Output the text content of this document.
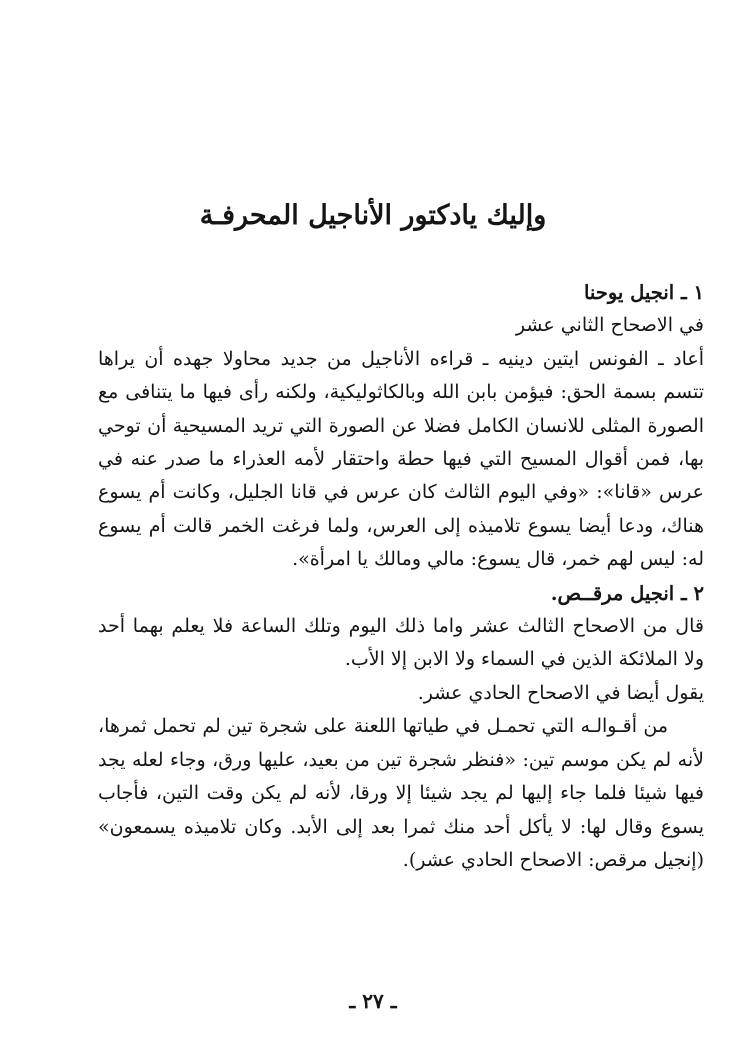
وإليك يادكتور الأناجيل المحرفـة

١ ـ انجيل يوحنا

في الاصحاح الثاني عشر

أعاد ـ الفونس ايتين دينيه ـ قراءه الأناجيل من جديد محاولا جهده أن يراها تتسم بسمة الحق: فيؤمن بابن الله وبالكاثوليكية، ولكنه رأى فيها ما يتنافى مع الصورة المثلى للانسان الكامل فضلا عن الصورة التي تريد المسيحية أن توحي بها، فمن أقوال المسيح التي فيها حطة واحتقار لأمه العذراء ما صدر عنه في عرس «قانا»: «وفي اليوم الثالث كان عرس في قانا الجليل، وكانت أم يسوع هناك، ودعا أيضا يسوع تلاميذه إلى العرس، ولما فرغت الخمر قالت أم يسوع له: ليس لهم خمر، قال يسوع: مالي ومالك يا امرأة».

٢ ـ انجيل مرقــص.

قال من الاصحاح الثالث عشر واما ذلك اليوم وتلك الساعة فلا يعلم بهما أحد ولا الملائكة الذين في السماء ولا الابن إلا الأب.

يقول أيضا في الاصحاح الحادي عشر.

من أقـوالـه التي تحمـل في طياتها اللعنة على شجرة تين لم تحمل ثمرها، لأنه لم يكن موسم تين: «فنظر شجرة تين من بعيد، عليها ورق، وجاء لعله يجد فيها شيئا فلما جاء إليها لم يجد شيئا إلا ورقا، لأنه لم يكن وقت التين، فأجاب يسوع وقال لها: لا يأكل أحد منك ثمرا بعد إلى الأبد. وكان تلاميذه يسمعون» (إنجيل مرقص: الاصحاح الحادي عشر).

ـ ٢٧ ـ
